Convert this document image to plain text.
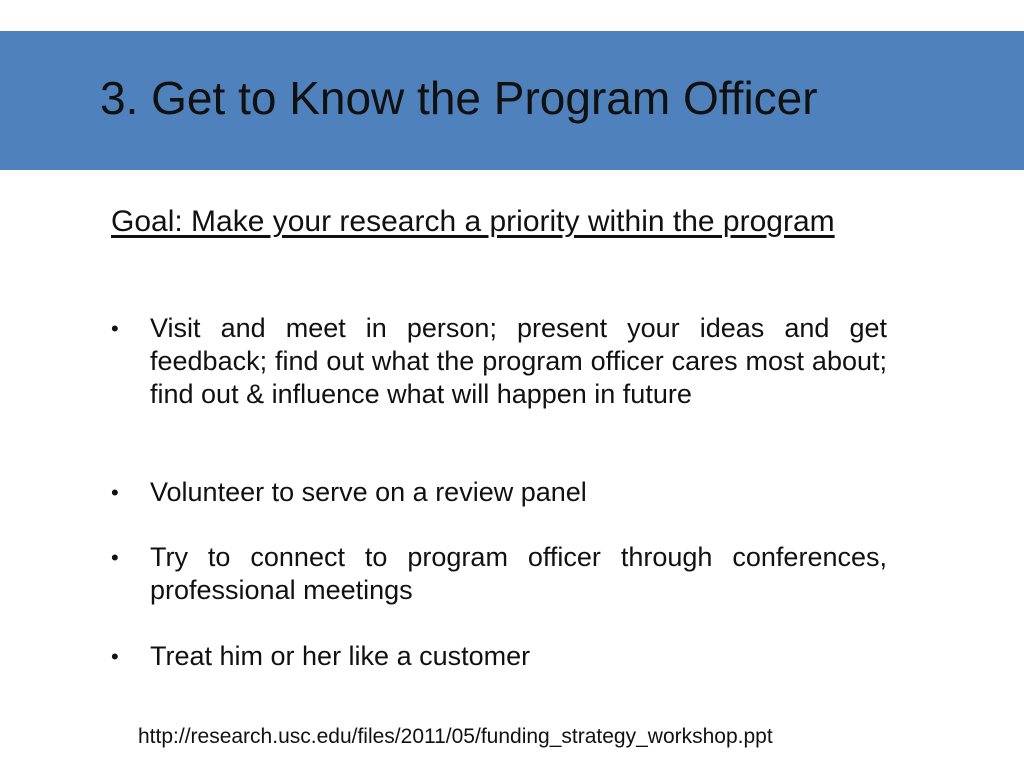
3. Get to Know the Program Officer

Goal: Make your research a priority within the program

• Visit and meet in person; present your ideas and get feedback; find out what the program officer cares most about; find out & influence what will happen in future
• Volunteer to serve on a review panel
• Try to connect to program officer through conferences, professional meetings
• Treat him or her like a customer
http://research.usc.edu/files/2011/05/funding_strategy_workshop.ppt
